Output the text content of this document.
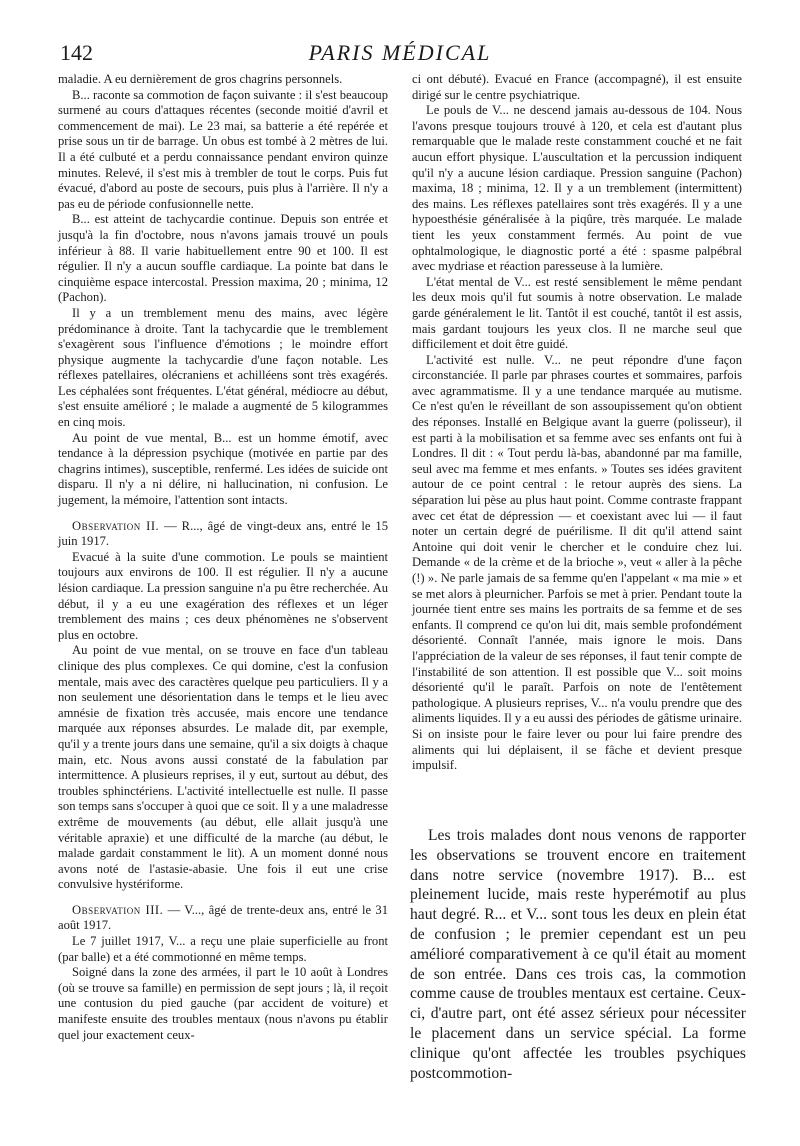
142	PARIS MÉDICAL

maladie. A eu dernièrement de gros chagrins personnels.

B... raconte sa commotion de façon suivante : il s'est beaucoup surmené au cours d'attaques récentes (seconde moitié d'avril et commencement de mai). Le 23 mai, sa batterie a été repérée et prise sous un tir de barrage. Un obus est tombé à 2 mètres de lui. Il a été culbuté et a perdu connaissance pendant environ quinze minutes. Relevé, il s'est mis à trembler de tout le corps. Puis fut évacué, d'abord au poste de secours, puis plus à l'arrière. Il n'y a pas eu de période confusionnelle nette.

B... est atteint de tachycardie continue. Depuis son entrée et jusqu'à la fin d'octobre, nous n'avons jamais trouvé un pouls inférieur à 88. Il varie habituellement entre 90 et 100. Il est régulier. Il n'y a aucun souffle cardiaque. La pointe bat dans le cinquième espace intercostal. Pression maxima, 20 ; minima, 12 (Pachon).

Il y a un tremblement menu des mains, avec légère prédominance à droite. Tant la tachycardie que le tremblement s'exagèrent sous l'influence d'émotions ; le moindre effort physique augmente la tachycardie d'une façon notable. Les réflexes patellaires, olécraniens et achilléens sont très exagérés. Les céphalées sont fréquentes. L'état général, médiocre au début, s'est ensuite amélioré ; le malade a augmenté de 5 kilogrammes en cinq mois.

Au point de vue mental, B... est un homme émotif, avec tendance à la dépression psychique (motivée en partie par des chagrins intimes), susceptible, renfermé. Les idées de suicide ont disparu. Il n'y a ni délire, ni hallucination, ni confusion. Le jugement, la mémoire, l'attention sont intacts.

Observation II. — R..., âgé de vingt-deux ans, entré le 15 juin 1917.

Evacué à la suite d'une commotion. Le pouls se maintient toujours aux environs de 100. Il est régulier. Il n'y a aucune lésion cardiaque. La pression sanguine n'a pu être recherchée. Au début, il y a eu une exagération des réflexes et un léger tremblement des mains ; ces deux phénomènes ne s'observent plus en octobre.

Au point de vue mental, on se trouve en face d'un tableau clinique des plus complexes. Ce qui domine, c'est la confusion mentale, mais avec des caractères quelque peu particuliers. Il y a non seulement une désorientation dans le temps et le lieu avec amnésie de fixation très accusée, mais encore une tendance marquée aux réponses absurdes. Le malade dit, par exemple, qu'il y a trente jours dans une semaine, qu'il a six doigts à chaque main, etc. Nous avons aussi constaté de la fabulation par intermittence. A plusieurs reprises, il y eut, surtout au début, des troubles sphinctériens. L'activité intellectuelle est nulle. Il passe son temps sans s'occuper à quoi que ce soit. Il y a une maladresse extrême de mouvements (au début, elle allait jusqu'à une véritable apraxie) et une difficulté de la marche (au début, le malade gardait constamment le lit). A un moment donné nous avons noté de l'astasie-abasie. Une fois il eut une crise convulsive hystériforme.

Observation III. — V..., âgé de trente-deux ans, entré le 31 août 1917.

Le 7 juillet 1917, V... a reçu une plaie superficielle au front (par balle) et a été commotionné en même temps.

Soigné dans la zone des armées, il part le 10 août à Londres (où se trouve sa famille) en permission de sept jours ; là, il reçoit une contusion du pied gauche (par accident de voiture) et manifeste ensuite des troubles mentaux (nous n'avons pu établir quel jour exactement ceux-

ci ont débuté). Evacué en France (accompagné), il est ensuite dirigé sur le centre psychiatrique.

Le pouls de V... ne descend jamais au-dessous de 104. Nous l'avons presque toujours trouvé à 120, et cela est d'autant plus remarquable que le malade reste constamment couché et ne fait aucun effort physique. L'auscultation et la percussion indiquent qu'il n'y a aucune lésion cardiaque. Pression sanguine (Pachon) maxima, 18 ; minima, 12. Il y a un tremblement (intermittent) des mains. Les réflexes patellaires sont très exagérés. Il y a une hypoesthésie généralisée à la piqûre, très marquée. Le malade tient les yeux constamment fermés. Au point de vue ophtalmologique, le diagnostic porté a été : spasme palpébral avec mydriase et réaction paresseuse à la lumière.

L'état mental de V... est resté sensiblement le même pendant les deux mois qu'il fut soumis à notre observation. Le malade garde généralement le lit. Tantôt il est couché, tantôt il est assis, mais gardant toujours les yeux clos. Il ne marche seul que difficilement et doit être guidé.

L'activité est nulle. V... ne peut répondre d'une façon circonstanciée. Il parle par phrases courtes et sommaires, parfois avec agrammatisme. Il y a une tendance marquée au mutisme. Ce n'est qu'en le réveillant de son assoupissement qu'on obtient des réponses. Installé en Belgique avant la guerre (polisseur), il est parti à la mobilisation et sa femme avec ses enfants ont fui à Londres. Il dit : « Tout perdu là-bas, abandonné par ma famille, seul avec ma femme et mes enfants. » Toutes ses idées gravitent autour de ce point central : le retour auprès des siens. La séparation lui pèse au plus haut point. Comme contraste frappant avec cet état de dépression — et coexistant avec lui — il faut noter un certain degré de puérilisme. Il dit qu'il attend saint Antoine qui doit venir le chercher et le conduire chez lui. Demande « de la crème et de la brioche », veut « aller à la pêche (!) ». Ne parle jamais de sa femme qu'en l'appelant « ma mie » et se met alors à pleurnicher. Parfois se met à prier. Pendant toute la journée tient entre ses mains les portraits de sa femme et de ses enfants. Il comprend ce qu'on lui dit, mais semble profondément désorienté. Connaît l'année, mais ignore le mois. Dans l'appréciation de la valeur de ses réponses, il faut tenir compte de l'instabilité de son attention. Il est possible que V... soit moins désorienté qu'il le paraît. Parfois on note de l'entêtement pathologique. A plusieurs reprises, V... n'a voulu prendre que des aliments liquides. Il y a eu aussi des périodes de gâtisme urinaire. Si on insiste pour le faire lever ou pour lui faire prendre des aliments qui lui déplaisent, il se fâche et devient presque impulsif.

Les trois malades dont nous venons de rapporter les observations se trouvent encore en traitement dans notre service (novembre 1917). B... est pleinement lucide, mais reste hyperémotif au plus haut degré. R... et V... sont tous les deux en plein état de confusion ; le premier cependant est un peu amélioré comparativement à ce qu'il était au moment de son entrée. Dans ces trois cas, la commotion comme cause de troubles mentaux est certaine. Ceux-ci, d'autre part, ont été assez sérieux pour nécessiter le placement dans un service spécial. La forme clinique qu'ont affectée les troubles psychiques postcommotion-
